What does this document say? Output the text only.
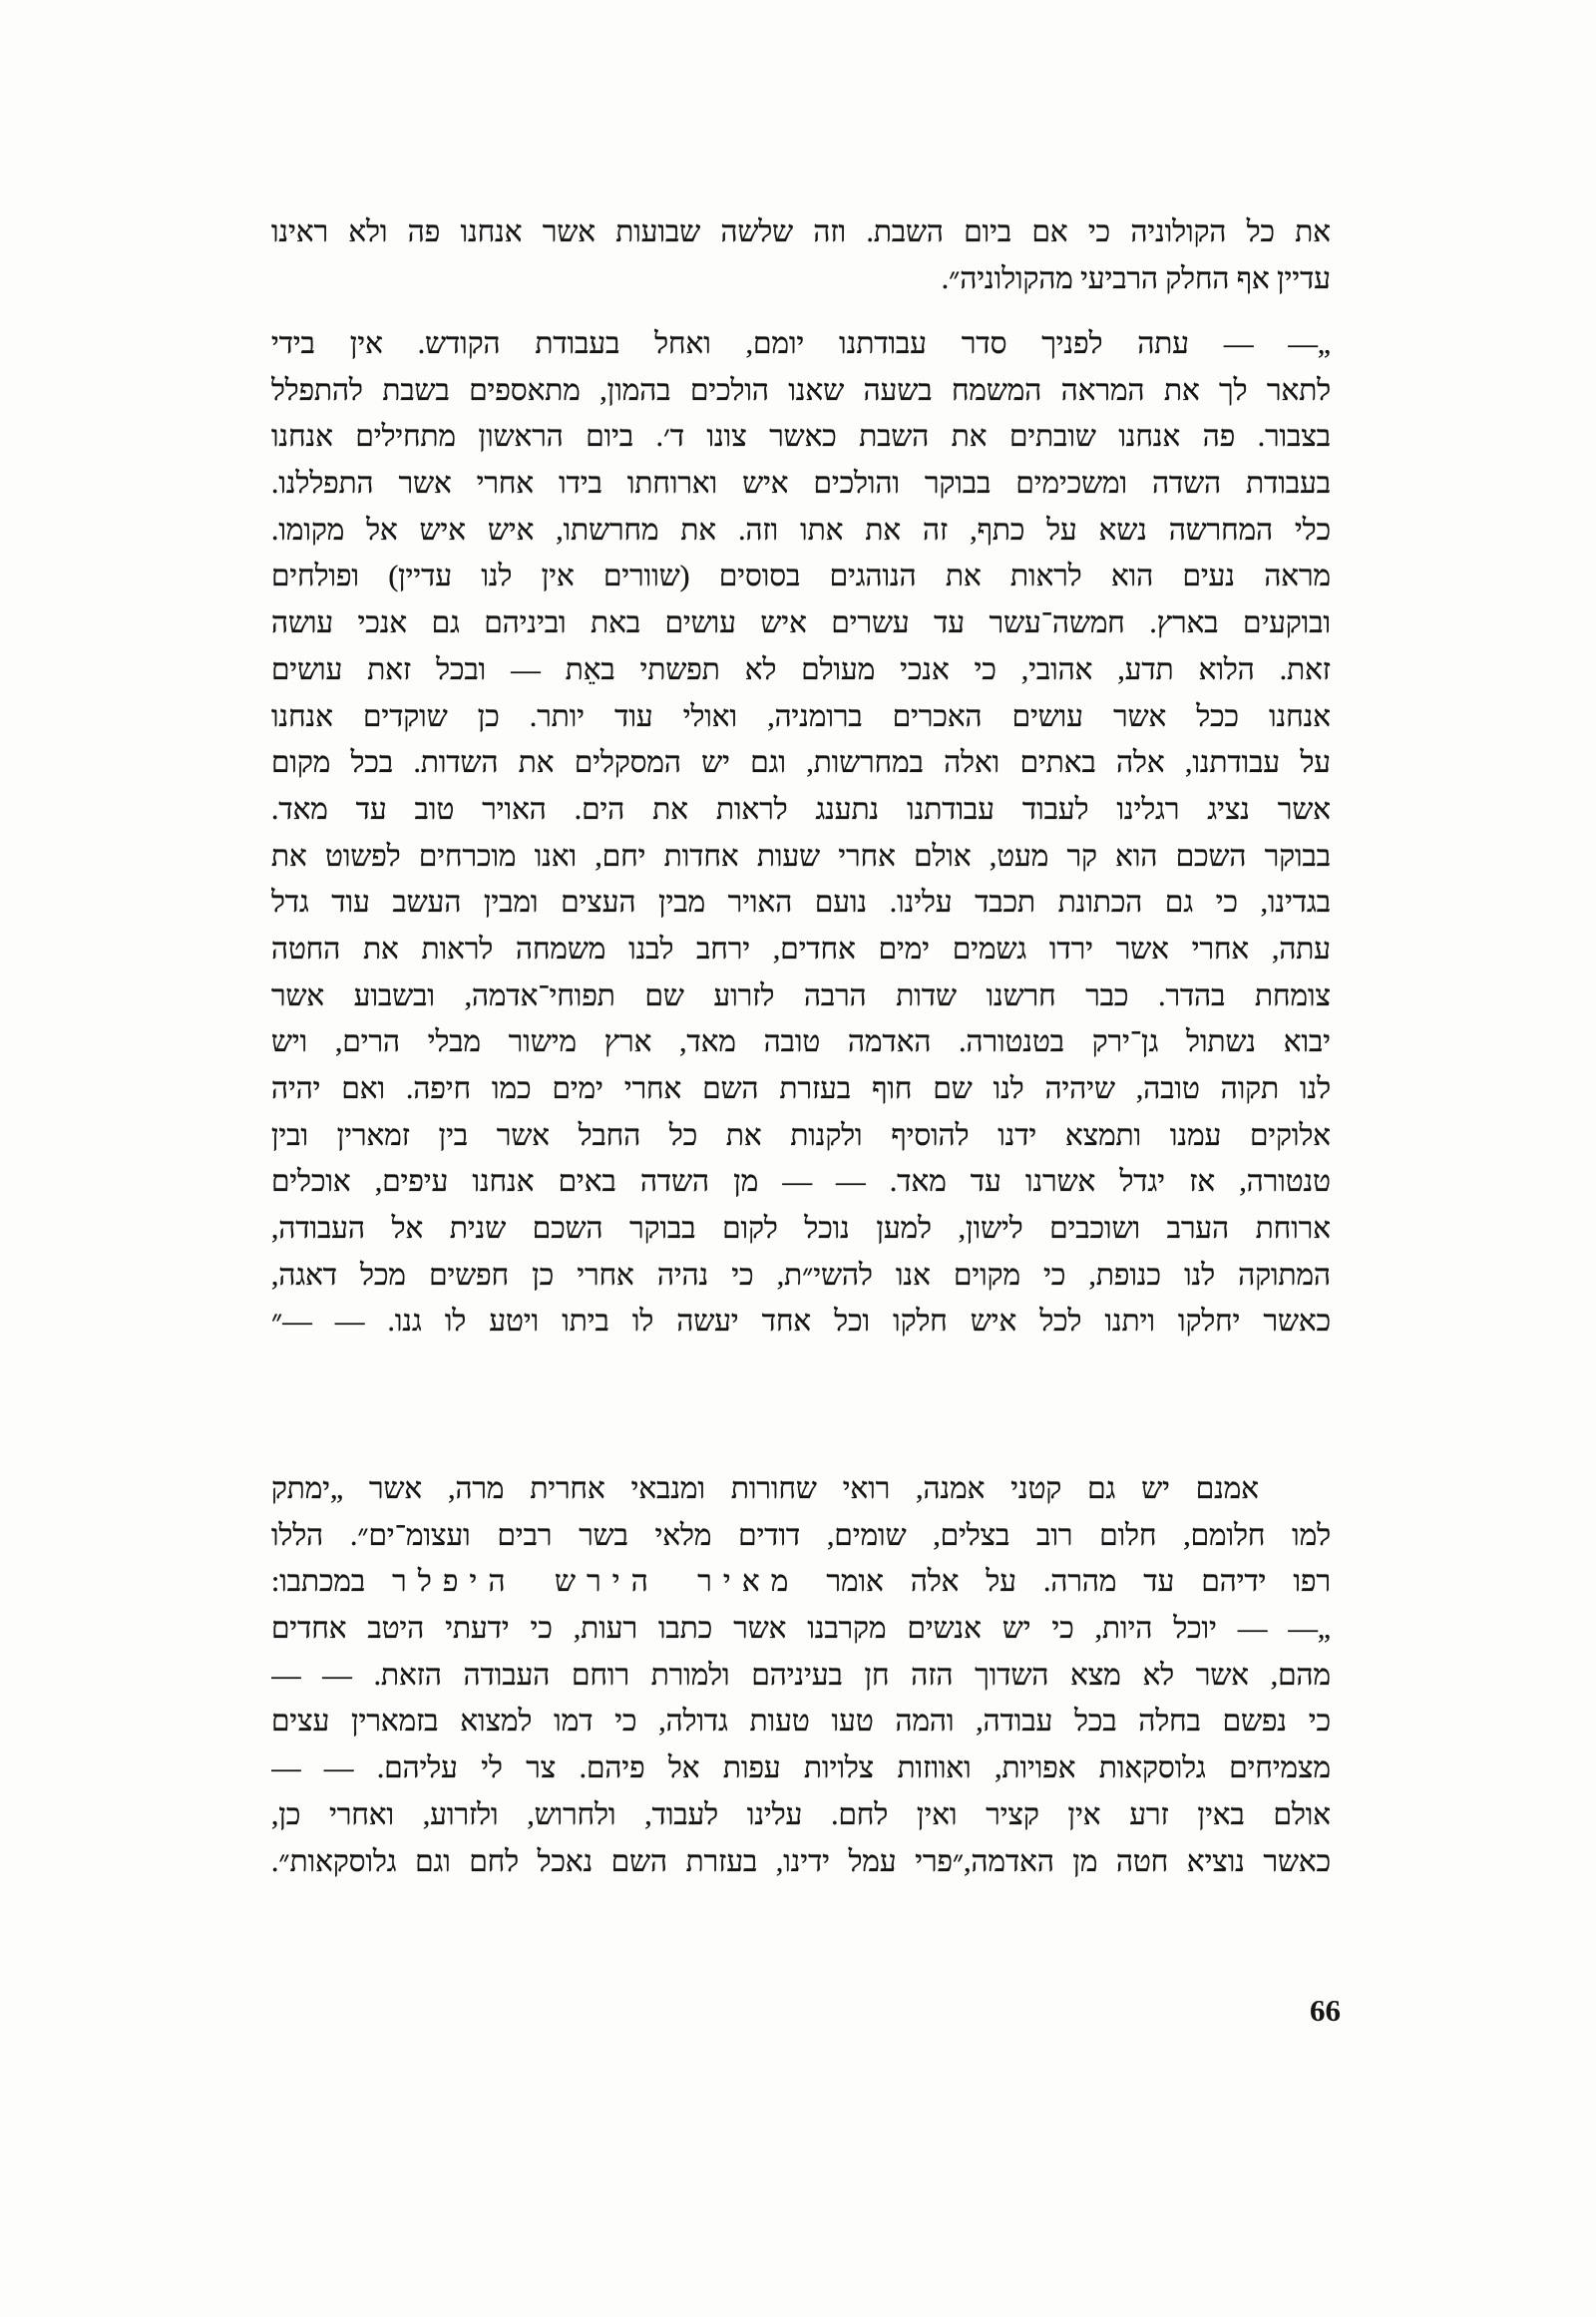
את כל הקולוניה כי אם ביום השבת. וזה שלשה שבועות אשר אנחנו פה ולא ראינו
עדיין אף החלק הרביעי מהקולוניה״.
„— — עתה לפניך סדר עבודתנו יומם, ואחל בעבודת הקודש. אין בידי
לתאר לך את המראה המשמח בשעה שאנו הולכים בהמון, מתאספים בשבת להתפלל
בצבור. פה אנחנו שובתים את השבת כאשר צונו ד׳. ביום הראשון מתחילים אנחנו
בעבודת השדה ומשכימים בבוקר והולכים איש וארוחתו בידו אחרי אשר התפללנו.
כלי המחרשה נשא על כתף, זה את אתו וזה. את מחרשתו, איש איש אל מקומו.
מראה נעים הוא לראות את הנוהגים בסוסים (שוורים אין לנו עדיין) ופולחים
ובוקעים בארץ. חמשה־עשר עד עשרים איש עושים באת וביניהם גם אנכי עושה
זאת. הלוא תדע, אהובי, כי אנכי מעולם לא תפשתי באֵת — ובכל זאת עושים
אנחנו ככל אשר עושים האכרים ברומניה, ואולי עוד יותר. כן שוקדים אנחנו
על עבודתנו, אלה באתים ואלה במחרשות, וגם יש המסקלים את השדות. בכל מקום
אשר נציג רגלינו לעבוד עבודתנו נתענג לראות את הים. האויר טוב עד מאד.
בבוקר השכם הוא קר מעט, אולם אחרי שעות אחדות יחם, ואנו מוכרחים לפשוט את
בגדינו, כי גם הכתונת תכבד עלינו. נועם האויר מבין העצים ומבין העשב עוד גדל
עתה, אחרי אשר ירדו גשמים ימים אחדים, ירחב לבנו משמחה לראות את החטה
צומחת בהדר. כבר חרשנו שדות הרבה לזרוע שם תפוחי־אדמה, ובשבוע אשר
יבוא נשתול גן־ירק בטנטורה. האדמה טובה מאד, ארץ מישור מבלי הרים, ויש
לנו תקוה טובה, שיהיה לנו שם חוף בעזרת השם אחרי ימים כמו חיפה. ואם יהיה
אלוקים עמנו ותמצא ידנו להוסיף ולקנות את כל החבל אשר בין זמארין ובין
טנטורה, אז יגדל אשרנו עד מאד. — — מן השדה באים אנחנו עיפים, אוכלים
ארוחת הערב ושוכבים לישון, למען נוכל לקום בבוקר השכם שנית אל העבודה,
המתוקה לנו כנופת, כי מקוים אנו להשי״ת, כי נהיה אחרי כן חפשים מכל דאגה,
כאשר יחלקו ויתנו לכל איש חלקו וכל אחד יעשה לו ביתו ויטע לו גנו. — —״
אמנם יש גם קטני אמנה, רואי שחורות ומנבאי אחרית מרה, אשר „ימתק
למו חלומם, חלום רוב בצלים, שומים, דודים מלאי בשר רבים ועצומ־ים״. הללו
רפו ידיהם עד מהרה. על אלה אומר מאיר הירש היפלר במכתבו:
„— — יוכל היות, כי יש אנשים מקרבנו אשר כתבו רעות, כי ידעתי היטב אחדים
מהם, אשר לא מצא השדוך הזה חן בעיניהם ולמורת רוחם העבודה הזאת. — —
כי נפשם בחלה בכל עבודה, והמה טעו טעות גדולה, כי דמו למצוא בזמארין עצים
מצמיחים גלוסקאות אפויות, ואווזות צלויות עפות אל פיהם. צר לי עליהם. — —
אולם באין זרע אין קציר ואין לחם. עלינו לעבוד, ולחרוש, ולזרוע, ואחרי כן,
כאשר נוציא חטה מן האדמה,״פרי עמל ידינו, בעזרת השם נאכל לחם וגם גלוסקאות״.
66
